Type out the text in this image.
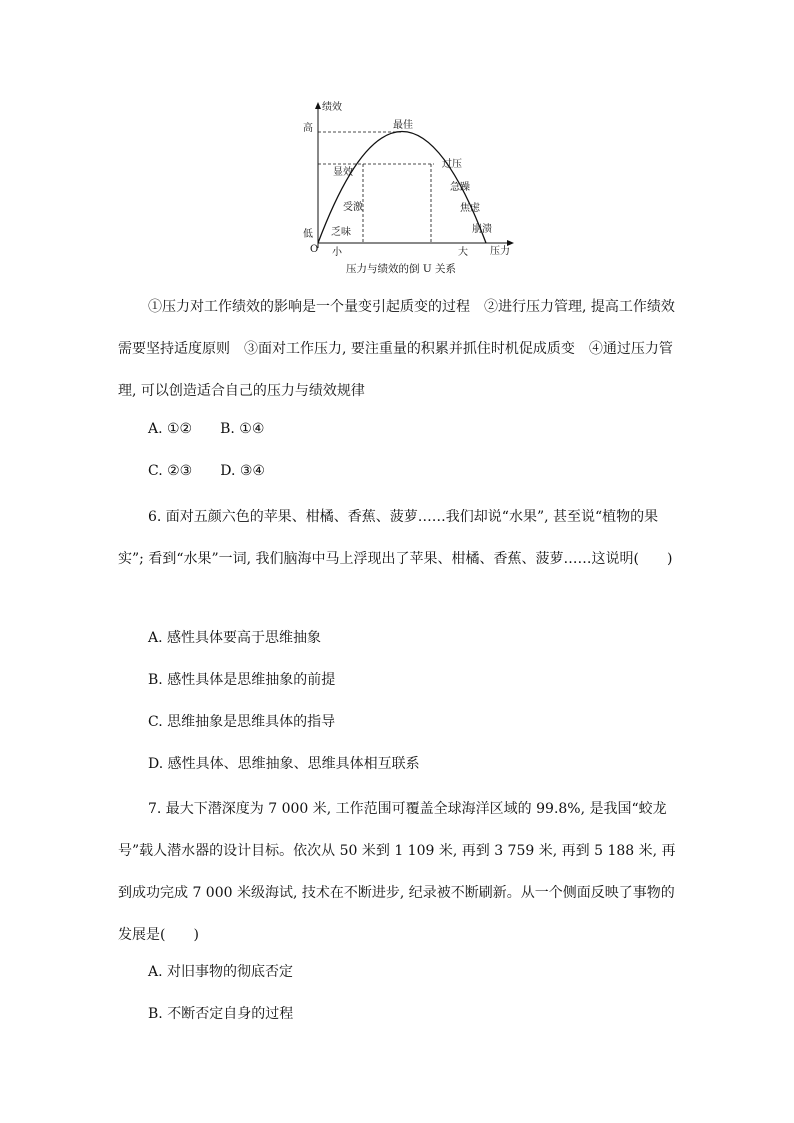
绩效
压力
高
低
O 小	大
最佳
显效
受激
乏味
过压
急躁
焦虑
崩溃
压力与绩效的倒 U 关系

①压力对工作绩效的影响是一个量变引起质变的过程　②进行压力管理, 提高工作绩效需要坚持适度原则　③面对工作压力, 要注重量的积累并抓住时机促成质变　④通过压力管理, 可以创造适合自己的压力与绩效规律

A. ①②　　B. ①④

C. ②③　　D. ③④

6. 面对五颜六色的苹果、柑橘、香蕉、菠萝……我们却说“水果”, 甚至说“植物的果实”; 看到“水果”一词, 我们脑海中马上浮现出了苹果、柑橘、香蕉、菠萝……这说明(　　)

A. 感性具体要高于思维抽象

B. 感性具体是思维抽象的前提

C. 思维抽象是思维具体的指导

D. 感性具体、思维抽象、思维具体相互联系

7. 最大下潜深度为 7 000 米, 工作范围可覆盖全球海洋区域的 99.8%, 是我国“蛟龙号”载人潜水器的设计目标。依次从 50 米到 1 109 米, 再到 3 759 米, 再到 5 188 米, 再到成功完成 7 000 米级海试, 技术在不断进步, 纪录被不断刷新。从一个侧面反映了事物的发展是(　　)

A. 对旧事物的彻底否定

B. 不断否定自身的过程
